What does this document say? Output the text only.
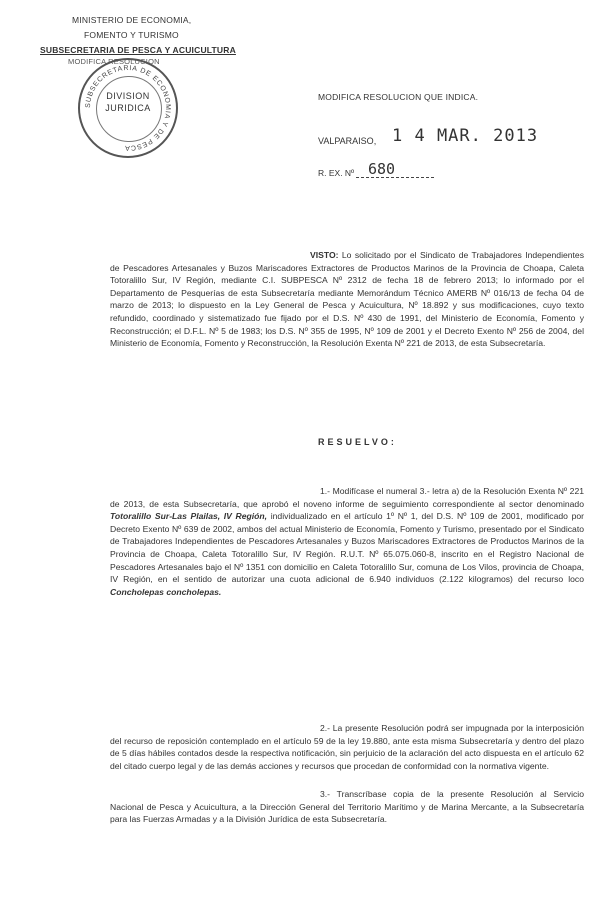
MINISTERIO DE ECONOMIA,
FOMENTO Y TURISMO
SUBSECRETARIA DE PESCA Y ACUICULTURA
MODIFICA RESOLUCION
SUBSECRETARIA DE ECONOMIA Y DE PESCA
DIVISION
JURIDICA
MODIFICA RESOLUCION QUE INDICA.
VALPARAISO, 1 4 MAR. 2013
R. EX. Nº 680
VISTO: Lo solicitado por el Sindicato de Trabajadores Independientes de Pescadores Artesanales y Buzos Mariscadores Extractores de Productos Marinos de la Provincia de Choapa, Caleta Totoralillo Sur, IV Región, mediante C.I. SUBPESCA Nº 2312 de fecha 18 de febrero 2013; lo informado por el Departamento de Pesquerías de esta Subsecretaría mediante Memorándum Técnico AMERB Nº 016/13 de fecha 04 de marzo de 2013; lo dispuesto en la Ley General de Pesca y Acuicultura, Nº 18.892 y sus modificaciones, cuyo texto refundido, coordinado y sistematizado fue fijado por el D.S. Nº 430 de 1991, del Ministerio de Economía, Fomento y Reconstrucción; el D.F.L. Nº 5 de 1983; los D.S. Nº 355 de 1995, Nº 109 de 2001 y el Decreto Exento Nº 256 de 2004, del Ministerio de Economía, Fomento y Reconstrucción, la Resolución Exenta Nº 221 de 2013, de esta Subsecretaría.
RESUELVO:
1.- Modifícase el numeral 3.- letra a) de la Resolución Exenta Nº 221 de 2013, de esta Subsecretaría, que aprobó el noveno informe de seguimiento correspondiente al sector denominado Totoralillo Sur-Las Plailas, IV Región, individualizado en el artículo 1º Nº 1, del D.S. Nº 109 de 2001, modificado por Decreto Exento Nº 639 de 2002, ambos del actual Ministerio de Economía, Fomento y Turismo, presentado por el Sindicato de Trabajadores Independientes de Pescadores Artesanales y Buzos Mariscadores Extractores de Productos Marinos de la Provincia de Choapa, Caleta Totoralillo Sur, IV Región. R.U.T. Nº 65.075.060-8, inscrito en el Registro Nacional de Pescadores Artesanales bajo el Nº 1351 con domicilio en Caleta Totoralillo Sur, comuna de Los Vilos, provincia de Choapa, IV Región, en el sentido de autorizar una cuota adicional de 6.940 individuos (2.122 kilogramos) del recurso loco Concholepas concholepas.
2.- La presente Resolución podrá ser impugnada por la interposición del recurso de reposición contemplado en el artículo 59 de la ley 19.880, ante esta misma Subsecretaría y dentro del plazo de 5 días hábiles contados desde la respectiva notificación, sin perjuicio de la aclaración del acto dispuesta en el artículo 62 del citado cuerpo legal y de las demás acciones y recursos que procedan de conformidad con la normativa vigente.
3.- Transcríbase copia de la presente Resolución al Servicio Nacional de Pesca y Acuicultura, a la Dirección General del Territorio Marítimo y de Marina Mercante, a la Subsecretaría para las Fuerzas Armadas y a la División Jurídica de esta Subsecretaría.
